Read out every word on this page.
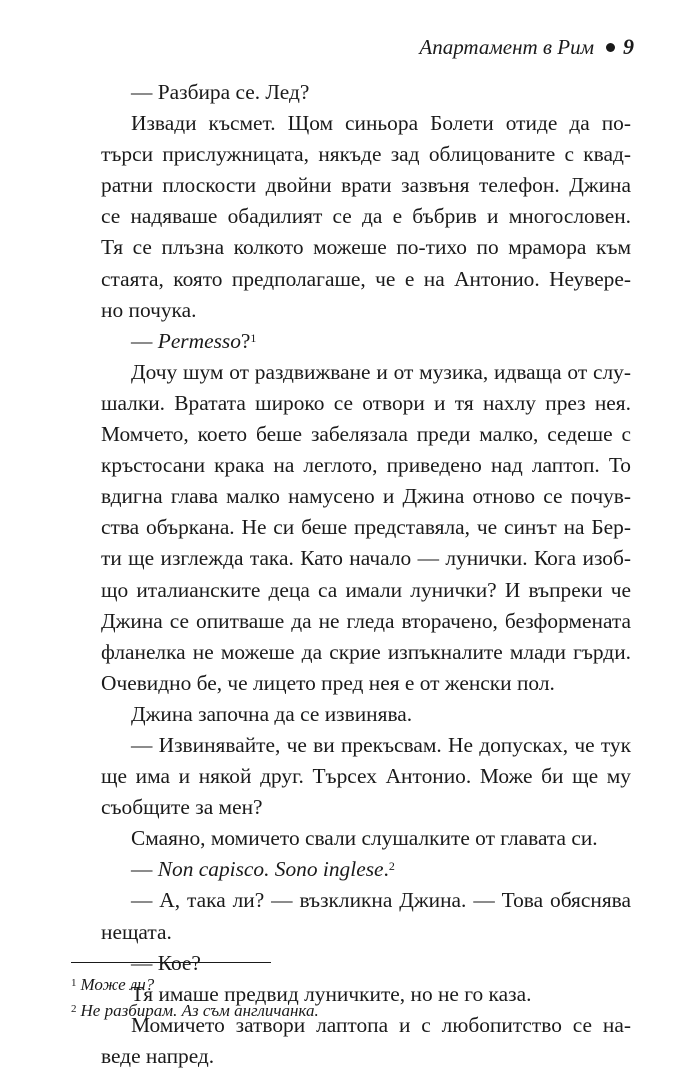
Апартамент в Рим 9
— Разбира се. Лед?
Извади късмет. Щом синьора Болети отиде да по-
търси прислужницата, някъде зад облицованите с квад-
ратни плоскости двойни врати зазвъня телефон. Джина
се надяваше обадилият се да е бъбрив и многословен.
Тя се плъзна колкото можеше по-тихо по мрамора към
стаята, която предполагаше, че е на Антонио. Неувере-
но почука.
— Permesso?$^1$
Дочу шум от раздвижване и от музика, идваща от слу-
шалки. Вратата широко се отвори и тя нахлу през нея.
Момчето, което беше забелязала преди малко, седеше с
кръстосани крака на леглото, приведено над лаптоп. То
вдигна глава малко намусено и Джина отново се почув-
ства объркана. Не си беше представяла, че синът на Бер-
ти ще изглежда така. Като начало — лунички. Кога изоб-
що италианските деца са имали лунички? И въпреки че
Джина се опитваше да не гледа вторачено, безформената
фланелка не можеше да скрие изпъкналите млади гърди.
Очевидно бе, че лицето пред нея е от женски пол.
Джина започна да се извинява.
— Извинявайте, че ви прекъсвам. Не допусках, че тук
ще има и някой друг. Търсех Антонио. Може би ще му
съобщите за мен?
Смаяно, момичето свали слушалките от главата си.
— Non capisco. Sono inglese.$^2$
— А, така ли? — възкликна Джина. — Това обяснява
нещата.
— Кое?
Тя имаше предвид луничките, но не го каза.
Момичето затвори лаптопа и с любопитство се на-
веде напред.
$^1$ Може ли?
$^2$ Не разбирам. Аз съм англичанка.
